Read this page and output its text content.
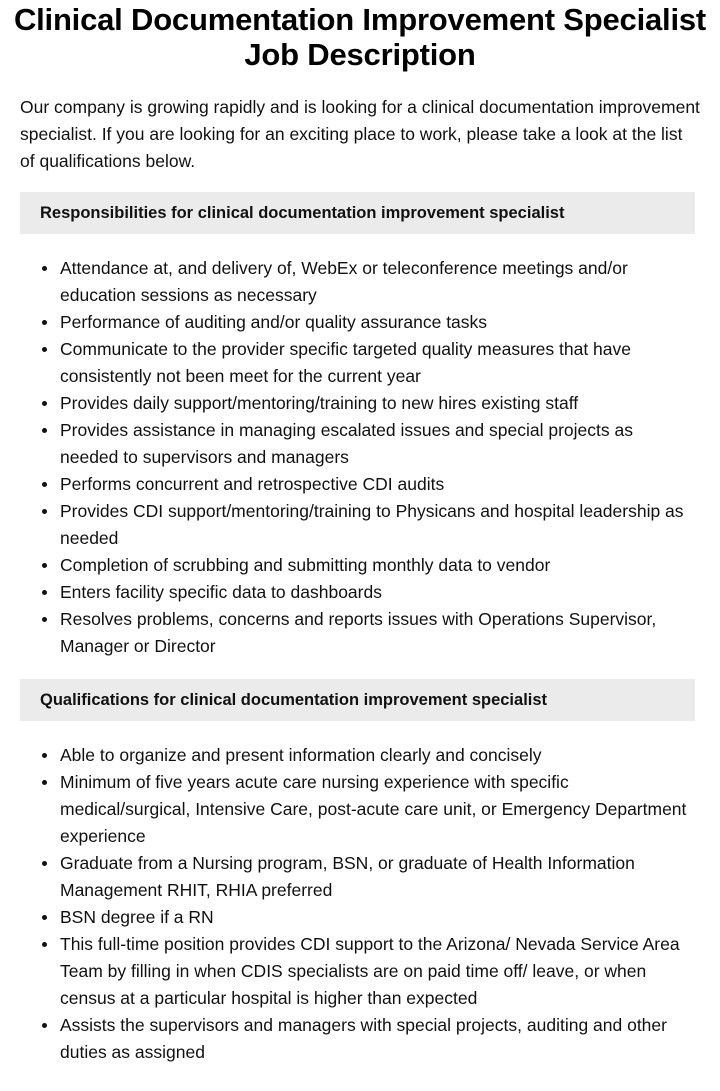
Clinical Documentation Improvement Specialist
Job Description

Our company is growing rapidly and is looking for a clinical documentation improvement specialist. If you are looking for an exciting place to work, please take a look at the list of qualifications below.

Responsibilities for clinical documentation improvement specialist
Attendance at, and delivery of, WebEx or teleconference meetings and/or education sessions as necessary
Performance of auditing and/or quality assurance tasks
Communicate to the provider specific targeted quality measures that have consistently not been meet for the current year
Provides daily support/mentoring/training to new hires existing staff
Provides assistance in managing escalated issues and special projects as needed to supervisors and managers
Performs concurrent and retrospective CDI audits
Provides CDI support/mentoring/training to Physicans and hospital leadership as needed
Completion of scrubbing and submitting monthly data to vendor
Enters facility specific data to dashboards
Resolves problems, concerns and reports issues with Operations Supervisor, Manager or Director
Qualifications for clinical documentation improvement specialist
Able to organize and present information clearly and concisely
Minimum of five years acute care nursing experience with specific medical/surgical, Intensive Care, post-acute care unit, or Emergency Department experience
Graduate from a Nursing program, BSN, or graduate of Health Information Management RHIT, RHIA preferred
BSN degree if a RN
This full-time position provides CDI support to the Arizona/ Nevada Service Area Team by filling in when CDIS specialists are on paid time off/ leave, or when census at a particular hospital is higher than expected
Assists the supervisors and managers with special projects, auditing and other duties as assigned
